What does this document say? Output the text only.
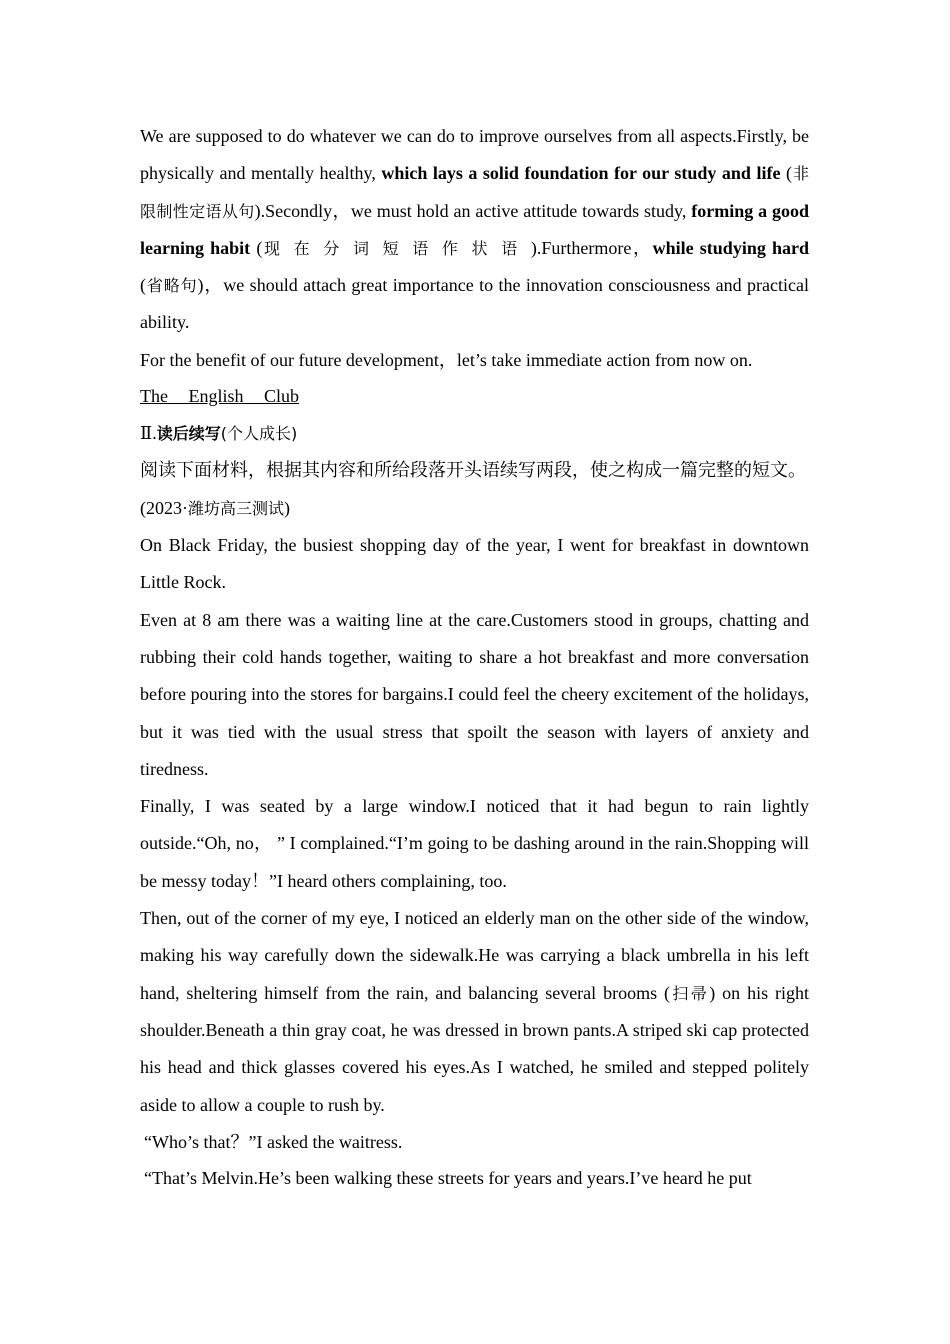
We are supposed to do whatever we can do to improve ourselves from all aspects.Firstly, be physically and mentally healthy, which lays a solid foundation for our study and life (非限制性定语从句).Secondly，we must hold an active attitude towards study, forming a good learning habit (现在分词短语作状语).Furthermore，while studying hard (省略句)，we should attach great importance to the innovation consciousness and practical ability.

For the benefit of our future development，let’s take immediate action from now on.

The English Club

Ⅱ.读后续写(个人成长)

阅读下面材料，根据其内容和所给段落开头语续写两段，使之构成一篇完整的短文。

(2023·潍坊高三测试)

On Black Friday, the busiest shopping day of the year, I went for breakfast in downtown Little Rock.

Even at 8 am there was a waiting line at the care.Customers stood in groups, chatting and rubbing their cold hands together, waiting to share a hot breakfast and more conversation before pouring into the stores for bargains.I could feel the cheery excitement of the holidays, but it was tied with the usual stress that spoilt the season with layers of anxiety and tiredness.

Finally, I was seated by a large window.I noticed that it had begun to rain lightly outside.“Oh, no， ” I complained.“I’m going to be dashing around in the rain.Shopping will be messy today！”I heard others complaining, too.

Then, out of the corner of my eye, I noticed an elderly man on the other side of the window, making his way carefully down the sidewalk.He was carrying a black umbrella in his left hand, sheltering himself from the rain, and balancing several brooms (扫帚) on his right shoulder.Beneath a thin gray coat, he was dressed in brown pants.A striped ski cap protected his head and thick glasses covered his eyes.As I watched, he smiled and stepped politely aside to allow a couple to rush by.

“Who’s that？”I asked the waitress.

“That’s Melvin.He’s been walking these streets for years and years.I’ve heard he put
